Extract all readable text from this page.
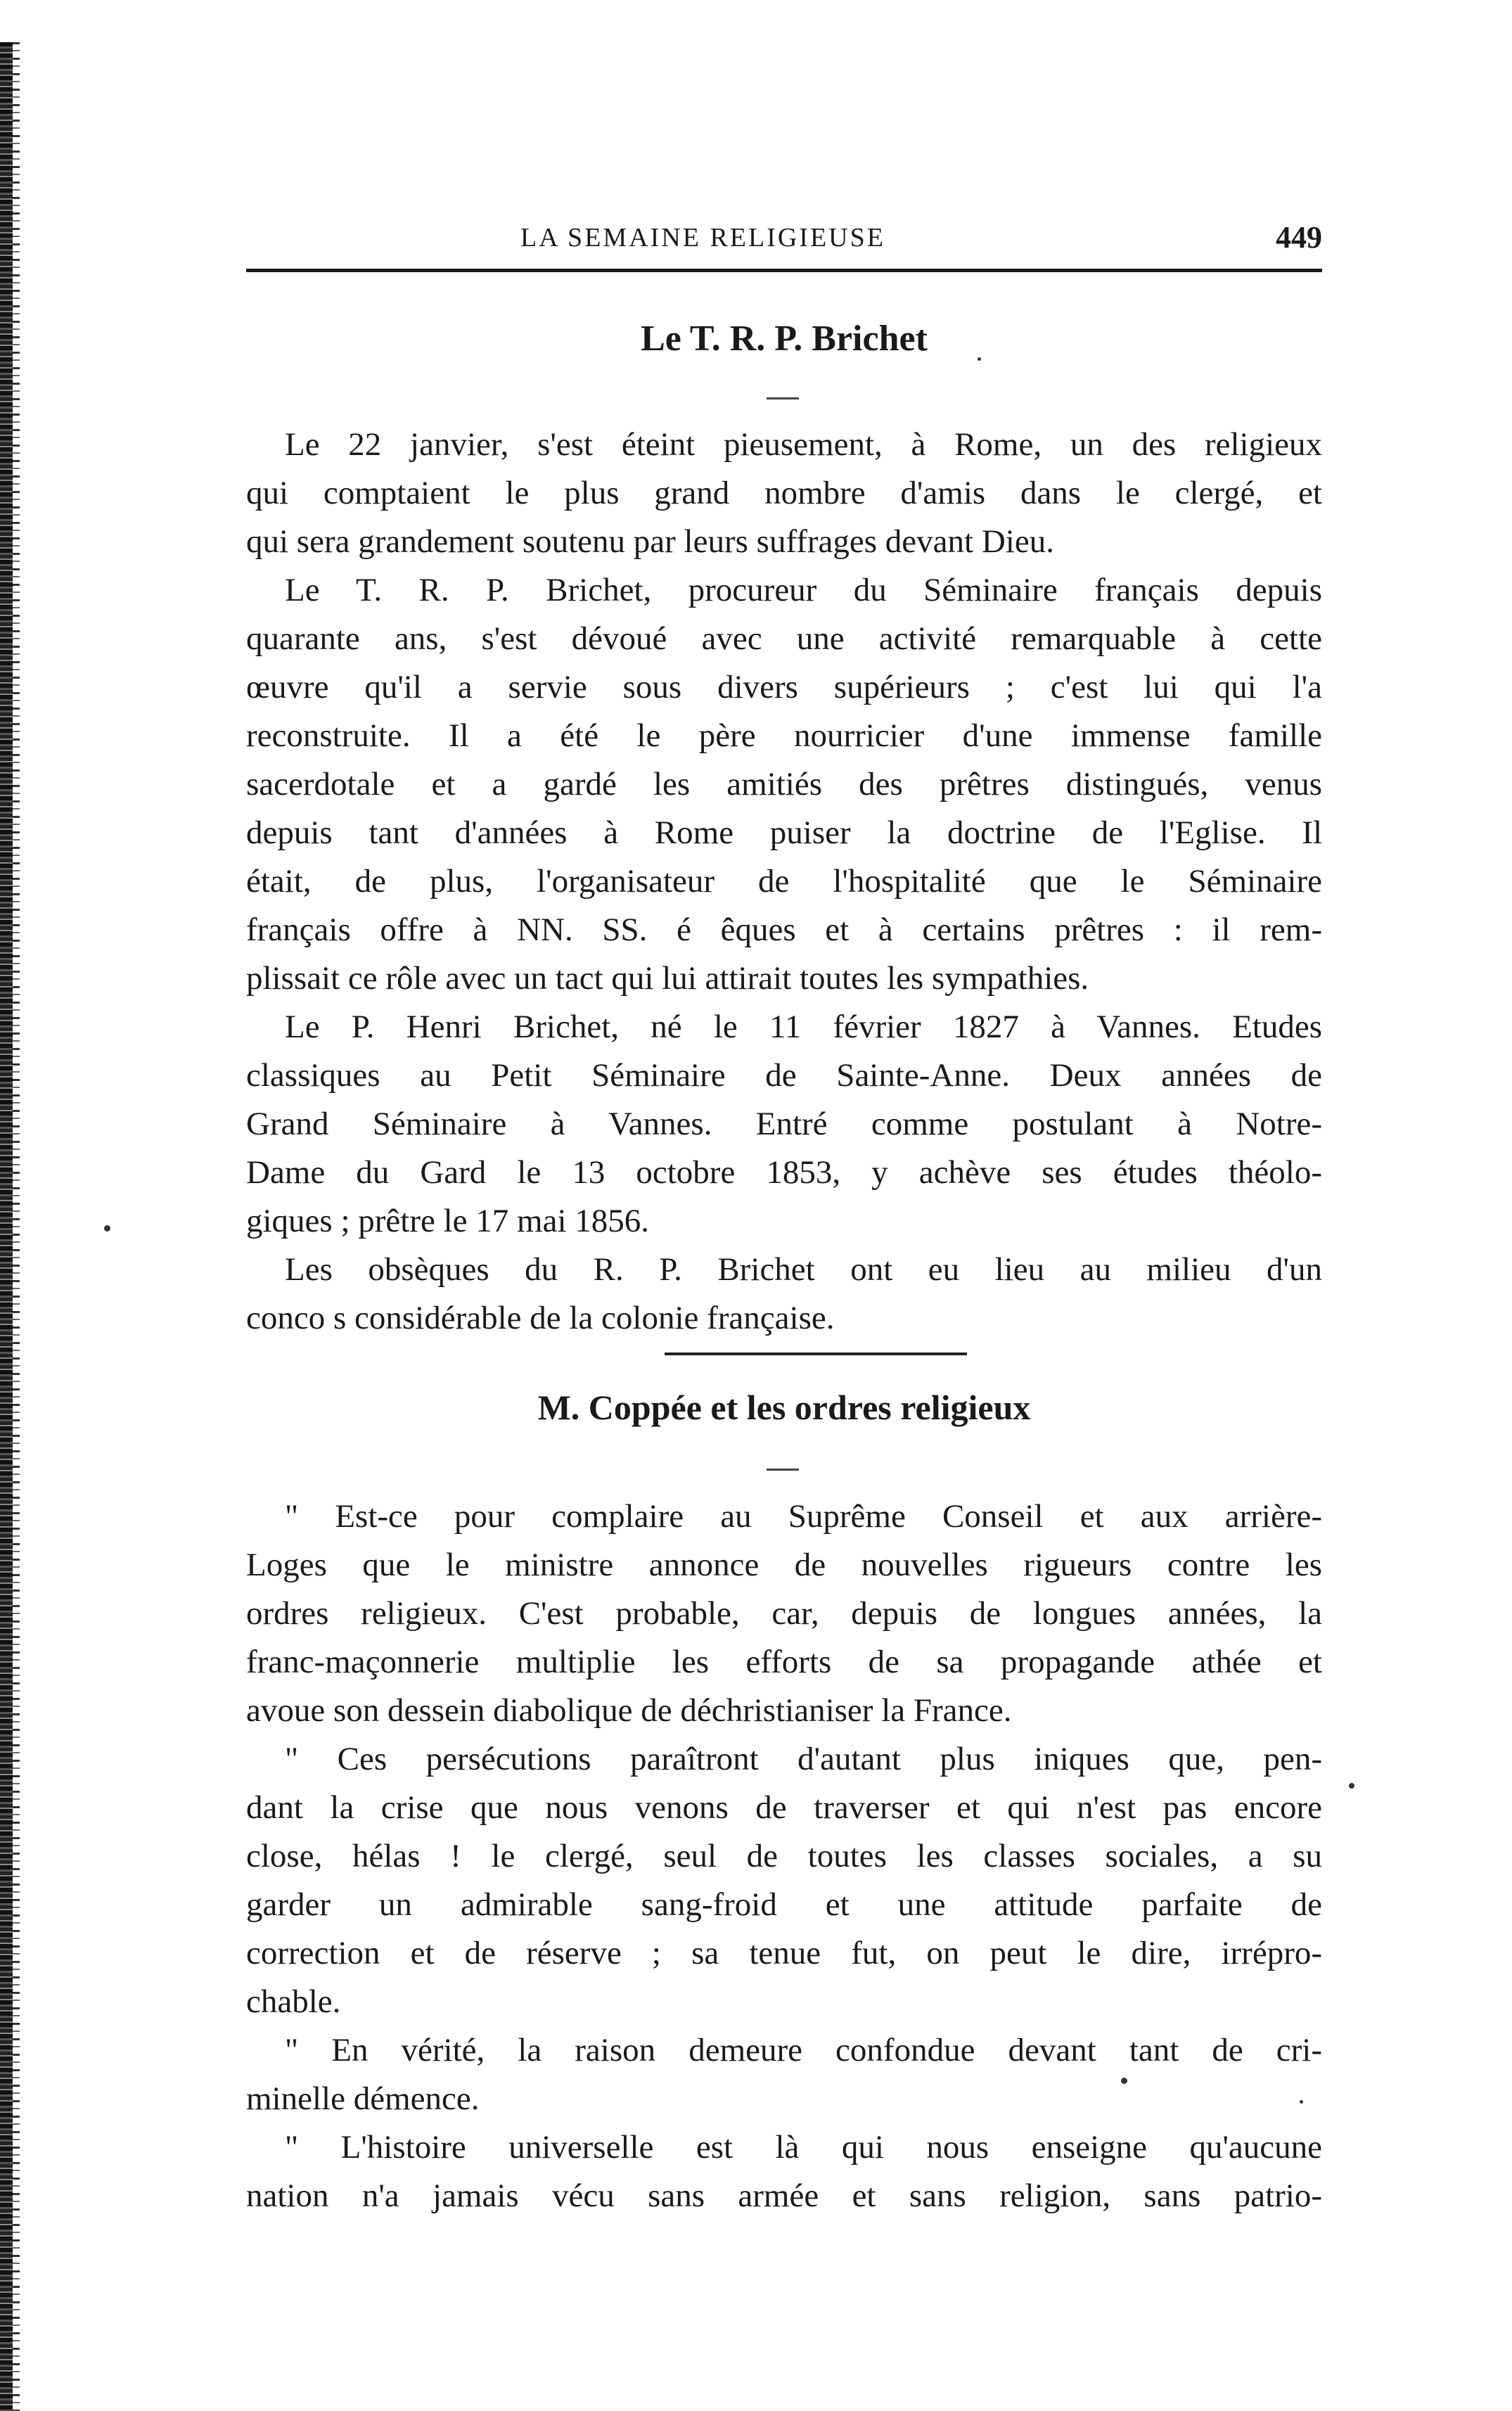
LA SEMAINE RELIGIEUSE	449
Le T. R. P. Brichet
Le 22 janvier, s'est éteint pieusement, à Rome, un des religieux
qui comptaient le plus grand nombre d'amis dans le clergé, et
qui sera grandement soutenu par leurs suffrages devant Dieu.
Le T. R. P. Brichet, procureur du Séminaire français depuis
quarante ans, s'est dévoué avec une activité remarquable à cette
œuvre qu'il a servie sous divers supérieurs ; c'est lui qui l'a
reconstruite. Il a été le père nourricier d'une immense famille
sacerdotale et a gardé les amitiés des prêtres distingués, venus
depuis tant d'années à Rome puiser la doctrine de l'Eglise. Il
était, de plus, l'organisateur de l'hospitalité que le Séminaire
français offre à NN. SS. é êques et à certains prêtres : il rem-
plissait ce rôle avec un tact qui lui attirait toutes les sympathies.
Le P. Henri Brichet, né le 11 février 1827 à Vannes. Etudes
classiques au Petit Séminaire de Sainte-Anne. Deux années de
Grand Séminaire à Vannes. Entré comme postulant à Notre-
Dame du Gard le 13 octobre 1853, y achève ses études théolo-
giques ; prêtre le 17 mai 1856.
Les obsèques du R. P. Brichet ont eu lieu au milieu d'un
conco s considérable de la colonie française.
M. Coppée et les ordres religieux
" Est-ce pour complaire au Suprême Conseil et aux arrière-
Loges que le ministre annonce de nouvelles rigueurs contre les
ordres religieux. C'est probable, car, depuis de longues années, la
franc-maçonnerie multiplie les efforts de sa propagande athée et
avoue son dessein diabolique de déchristianiser la France.
" Ces persécutions paraîtront d'autant plus iniques que, pen-
dant la crise que nous venons de traverser et qui n'est pas encore
close, hélas ! le clergé, seul de toutes les classes sociales, a su
garder un admirable sang-froid et une attitude parfaite de
correction et de réserve ; sa tenue fut, on peut le dire, irrépro-
chable.
" En vérité, la raison demeure confondue devant tant de cri-
minelle démence.
" L'histoire universelle est là qui nous enseigne qu'aucune
nation n'a jamais vécu sans armée et sans religion, sans patrio-
